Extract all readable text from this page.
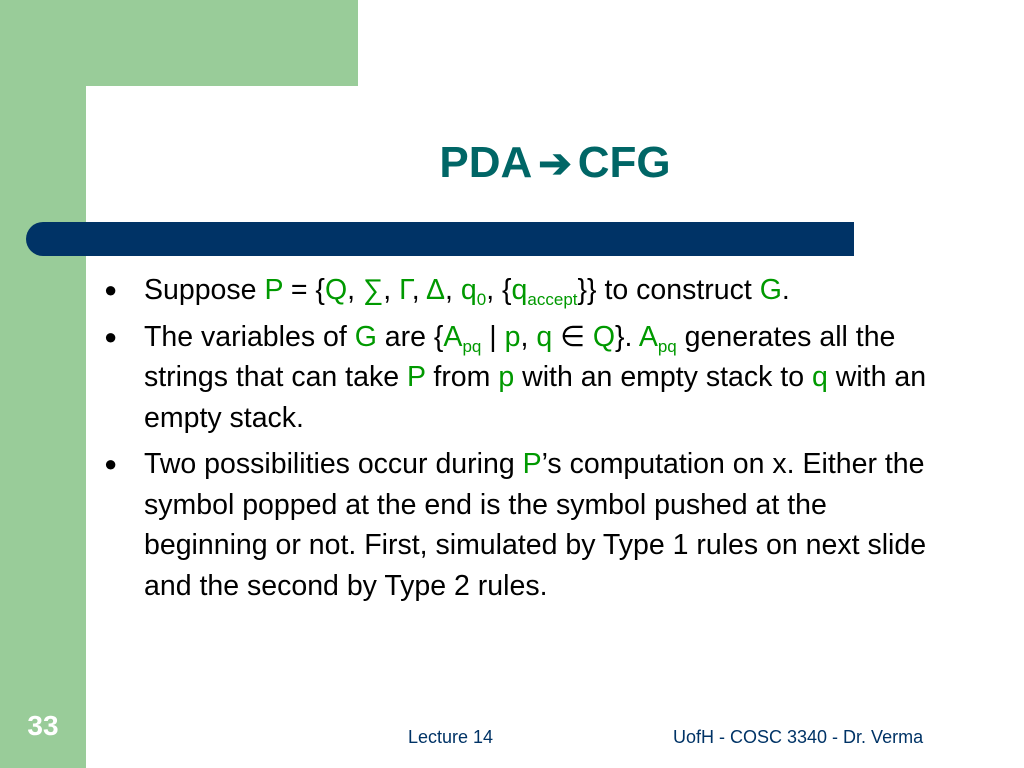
PDA ➔ CFG
● Suppose P = {Q, ∑, Γ, Δ, $q_0$, $\{q_{accept}\}$} to construct G.
● The variables of G are {$A_{pq}$ | p, q ∈ Q}. $A_{pq}$ generates all the strings that can take P from p with an empty stack to q with an empty stack.
● Two possibilities occur during P’s computation on x. Either the symbol popped at the end is the symbol pushed at the beginning or not. First, simulated by Type 1 rules on next slide and the second by Type 2 rules.
Lecture 14	UofH - COSC 3340 - Dr. Verma
33
